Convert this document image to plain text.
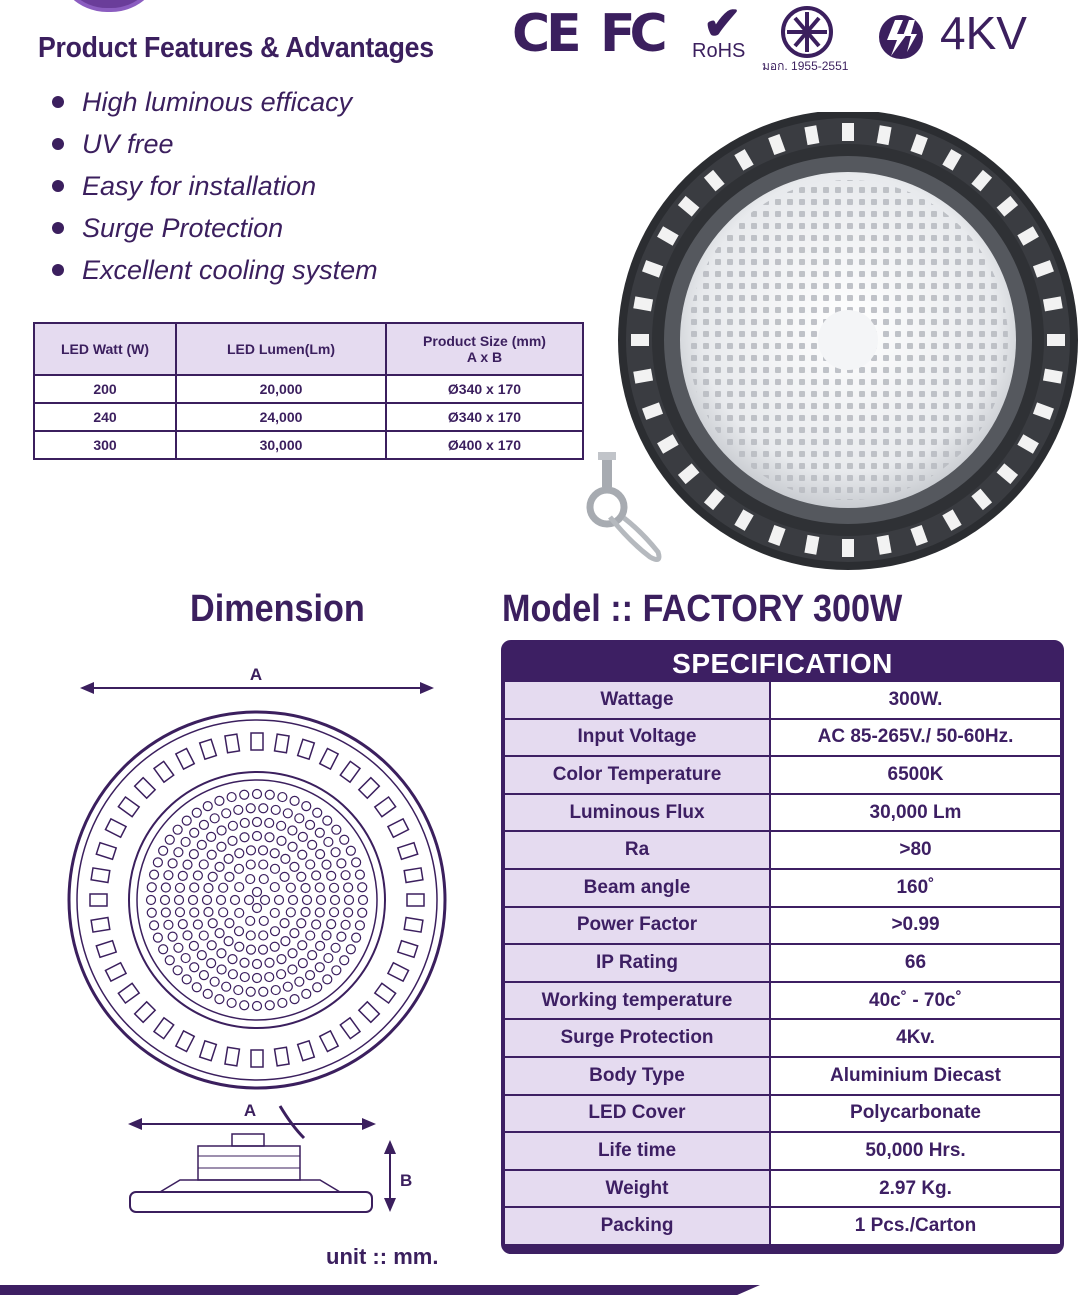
Product Features & Advantages
High luminous efficacy
UV free
Easy for installation
Surge Protection
Excellent cooling system
LED Watt (W)	LED Lumen(Lm)	Product Size (mm)
A x B

200	20,000	Ø340 x 170
240	24,000	Ø340 x 170
300	30,000	Ø400 x 170
CE FC ✔
RoHS
มอก. 1955-2551
4KV
Dimension	Model :: FACTORY 300W
A
A
B
unit :: mm.
SPECIFICATION
Wattage	300W.
Input Voltage	AC 85-265V./ 50-60Hz.
Color Temperature	6500K
Luminous Flux	30,000 Lm
Ra	>80
Beam angle	160˚
Power Factor	>0.99
IP Rating	66
Working temperature	40c˚ - 70c˚
Surge Protection	4Kv.
Body Type	Aluminium Diecast
LED Cover	Polycarbonate
Life time	50,000 Hrs.
Weight	2.97 Kg.
Packing	1 Pcs./Carton
